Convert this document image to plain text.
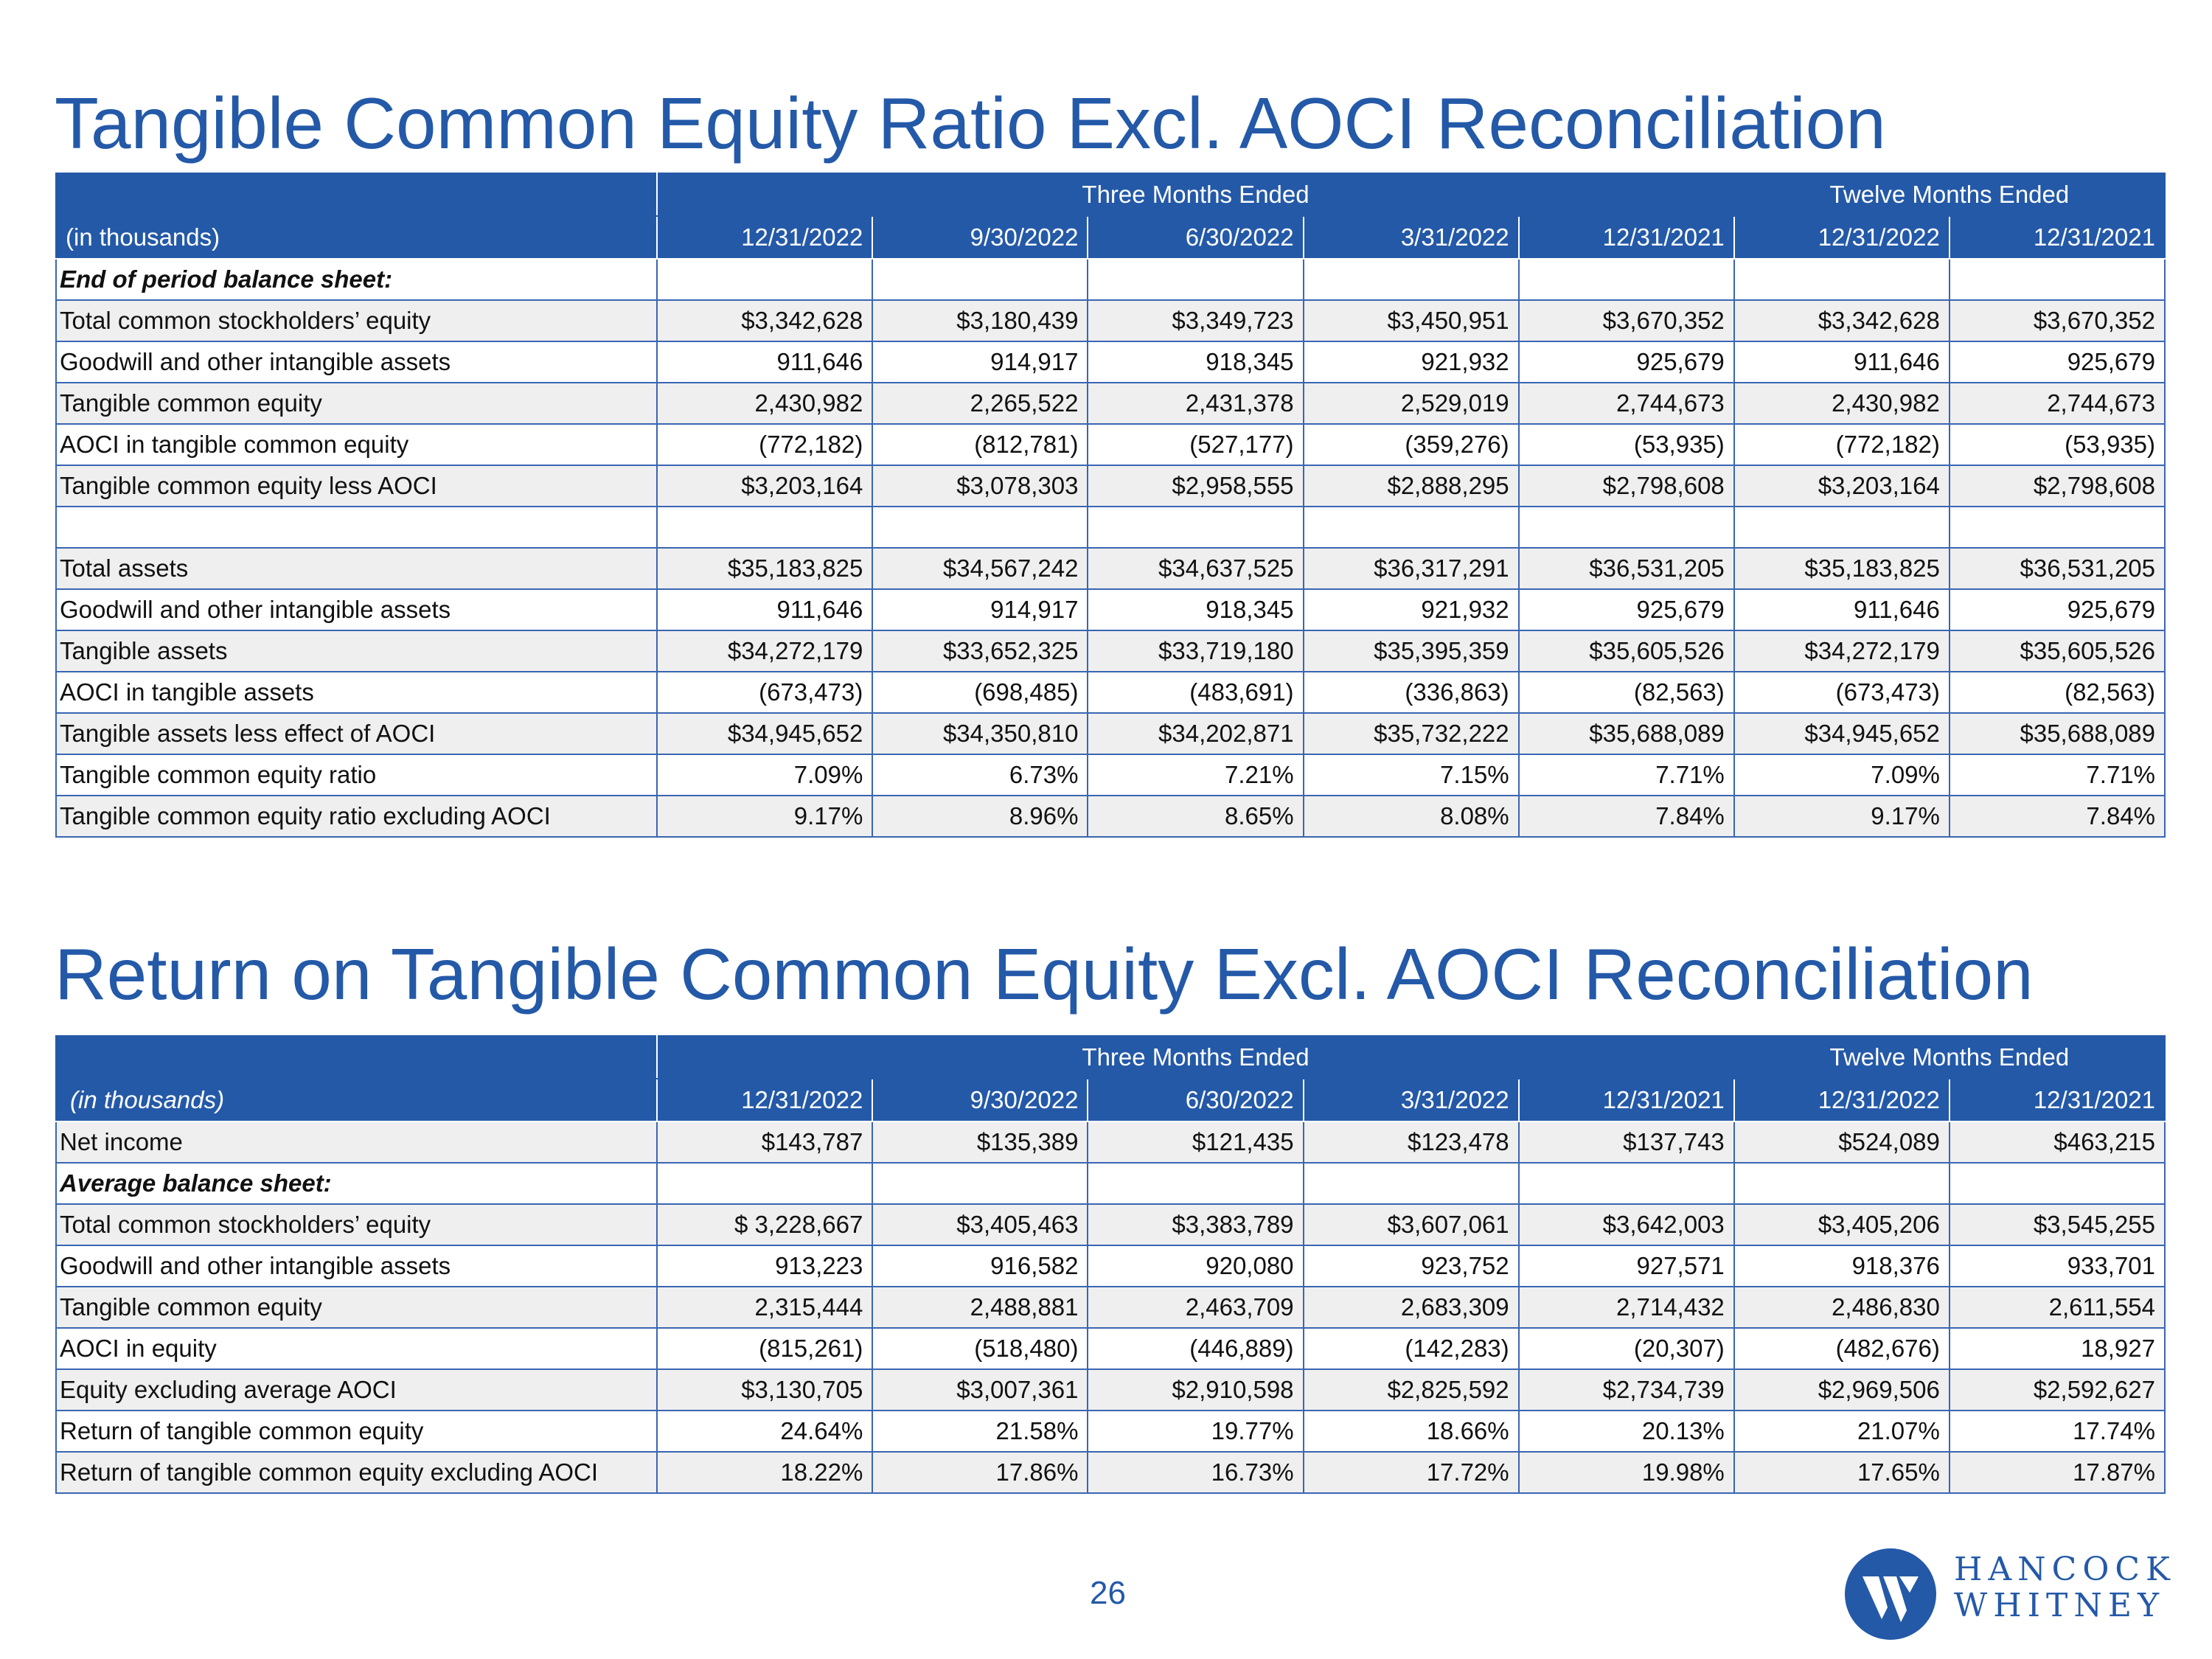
Tangible Common Equity Ratio Excl. AOCI Reconciliation
	Three Months Ended					Twelve Months Ended	
(in thousands)	12/31/2022	9/30/2022	6/30/2022	3/31/2022	12/31/2021	12/31/2022	12/31/2021
End of period balance sheet:							
Total common stockholders’ equity	$3,342,628	$3,180,439	$3,349,723	$3,450,951	$3,670,352	$3,342,628	$3,670,352
Goodwill and other intangible assets	911,646	914,917	918,345	921,932	925,679	911,646	925,679
Tangible common equity	2,430,982	2,265,522	2,431,378	2,529,019	2,744,673	2,430,982	2,744,673
AOCI in tangible common equity	(772,182)	(812,781)	(527,177)	(359,276)	(53,935)	(772,182)	(53,935)
Tangible common equity less AOCI	$3,203,164	$3,078,303	$2,958,555	$2,888,295	$2,798,608	$3,203,164	$2,798,608

Total assets	$35,183,825	$34,567,242	$34,637,525	$36,317,291	$36,531,205	$35,183,825	$36,531,205
Goodwill and other intangible assets	911,646	914,917	918,345	921,932	925,679	911,646	925,679
Tangible assets	$34,272,179	$33,652,325	$33,719,180	$35,395,359	$35,605,526	$34,272,179	$35,605,526
AOCI in tangible assets	(673,473)	(698,485)	(483,691)	(336,863)	(82,563)	(673,473)	(82,563)
Tangible assets less effect of AOCI	$34,945,652	$34,350,810	$34,202,871	$35,732,222	$35,688,089	$34,945,652	$35,688,089
Tangible common equity ratio	7.09%	6.73%	7.21%	7.15%	7.71%	7.09%	7.71%
Tangible common equity ratio excluding AOCI	9.17%	8.96%	8.65%	8.08%	7.84%	9.17%	7.84%
Return on Tangible Common Equity Excl. AOCI Reconciliation
	Three Months Ended					Twelve Months Ended	
(in thousands)	12/31/2022	9/30/2022	6/30/2022	3/31/2022	12/31/2021	12/31/2022	12/31/2021
Net income	$143,787	$135,389	$121,435	$123,478	$137,743	$524,089	$463,215
Average balance sheet:							
Total common stockholders’ equity	$ 3,228,667	$3,405,463	$3,383,789	$3,607,061	$3,642,003	$3,405,206	$3,545,255
Goodwill and other intangible assets	913,223	916,582	920,080	923,752	927,571	918,376	933,701
Tangible common equity	2,315,444	2,488,881	2,463,709	2,683,309	2,714,432	2,486,830	2,611,554
AOCI in equity	(815,261)	(518,480)	(446,889)	(142,283)	(20,307)	(482,676)	18,927
Equity excluding average AOCI	$3,130,705	$3,007,361	$2,910,598	$2,825,592	$2,734,739	$2,969,506	$2,592,627
Return of tangible common equity	24.64%	21.58%	19.77%	18.66%	20.13%	21.07%	17.74%
Return of tangible common equity excluding AOCI	18.22%	17.86%	16.73%	17.72%	19.98%	17.65%	17.87%
26
HANCOCK
WHITNEY
